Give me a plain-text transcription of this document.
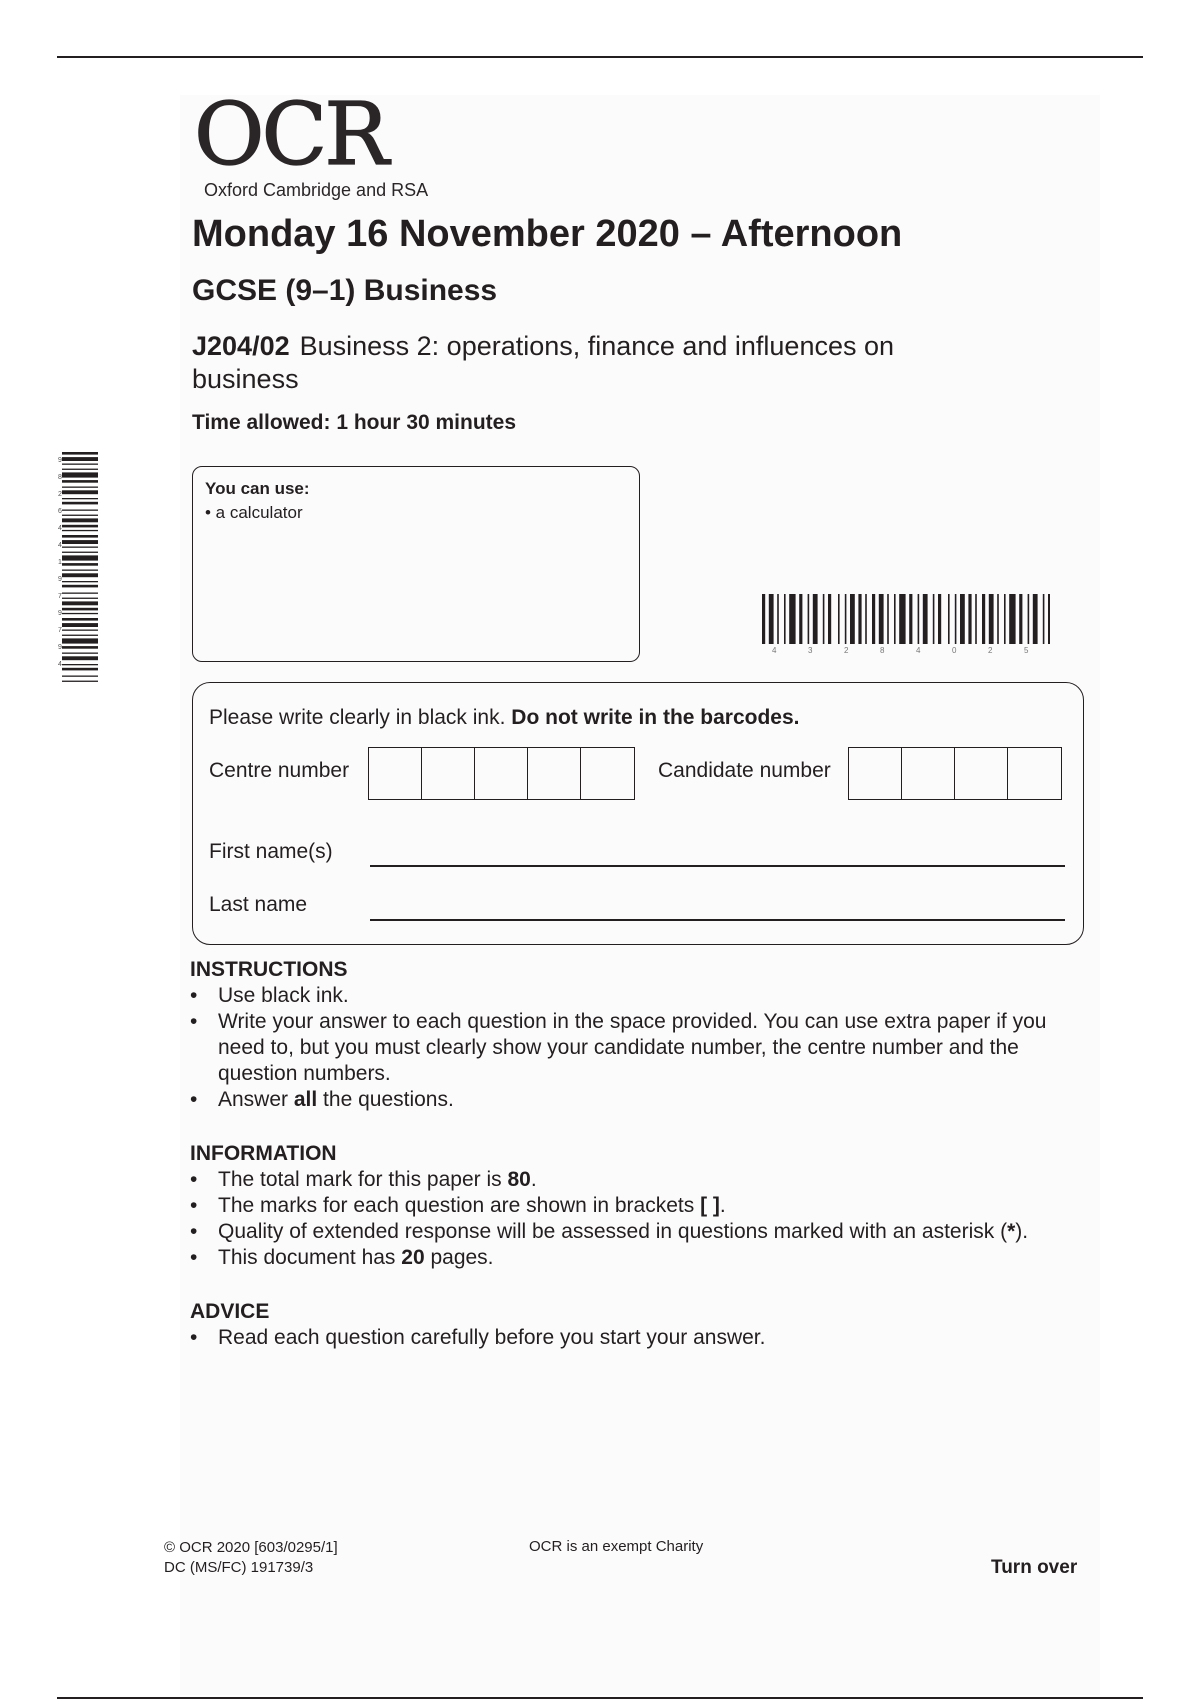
OCR
Oxford Cambridge and RSA
Monday 16 November 2020 – Afternoon
GCSE (9–1) Business
J204/02 Business 2: operations, finance and influences on business
Time allowed: 1 hour 30 minutes
9
8
2
6
4
4
1
9
7
9
7
9
4
You can use:
• a calculator
4	3	2	8	4	0	2	5
Please write clearly in black ink. Do not write in the barcodes.
Centre number	Candidate number
First name(s)
Last name
INSTRUCTIONS
• Use black ink.
• Write your answer to each question in the space provided. You can use extra paper if you need to, but you must clearly show your candidate number, the centre number and the question numbers.
• Answer all the questions.
INFORMATION
• The total mark for this paper is 80.
• The marks for each question are shown in brackets [ ].
• Quality of extended response will be assessed in questions marked with an asterisk (*).
• This document has 20 pages.
ADVICE
• Read each question carefully before you start your answer.
© OCR 2020 [603/0295/1]
DC (MS/FC) 191739/3
OCR is an exempt Charity
Turn over
